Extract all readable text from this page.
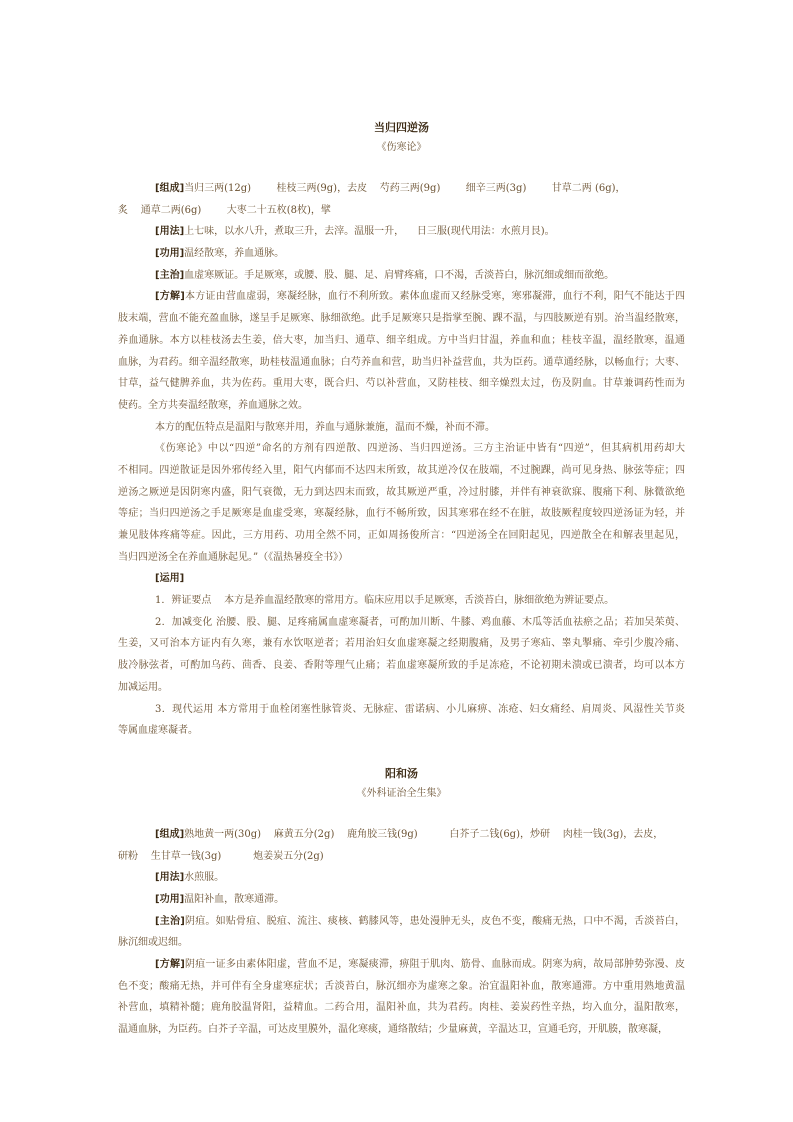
当归四逆汤
《伤寒论》
[组成]当归三两(12g)        桂枝三两(9g)，去皮    芍药三两(9g)        细辛三两(3g)        甘草二两 (6g)，
炙    通草二两(6g)        大枣二十五枚(8枚)，擘
[用法]上七味，以水八升，煮取三升，去滓。温服一升，    日三服(现代用法：水煎月艮)。
[功用]温经散寒，养血通脉。
[主治]血虚寒厥证。手足厥寒，或腰、股、腿、足、肩臂疼痛，口不渴，舌淡苔白，脉沉细或细而欲绝。
[方解]本方证由营血虚弱，寒凝经脉，血行不利所致。素体血虚而又经脉受寒，寒邪凝滞，血行不利，阳气不能达于四
肢末端，营血不能充盈血脉，遂呈手足厥寒、脉细欲绝。此手足厥寒只是指掌至腕、踝不温，与四肢厥逆有别。治当温经散寒，
养血通脉。本方以桂枝汤去生姜，倍大枣，加当归、通草、细辛组成。方中当归甘温，养血和血；桂枝辛温，温经散寒，温通
血脉，为君药。细辛温经散寒，助桂枝温通血脉；白芍养血和营，助当归补益营血，共为臣药。通草通经脉，以畅血行；大枣、
甘草，益气健脾养血，共为佐药。重用大枣，既合归、芍以补营血，又防桂枝、细辛燥烈太过，伤及阴血。甘草兼调药性而为
使药。全方共奏温经散寒，养血通脉之效。
本方的配伍特点是温阳与散寒并用，养血与通脉兼施，温而不燥，补而不滞。
《伤寒论》中以“四逆”命名的方剂有四逆散、四逆汤、当归四逆汤。三方主治证中皆有“四逆”，但其病机用药却大
不相同。四逆散证是因外邪传经入里，阳气内郁而不达四末所致，故其逆冷仅在肢端，不过腕踝，尚可见身热、脉弦等症；四
逆汤之厥逆是因阴寒内盛，阳气衰微，无力到达四末而致，故其厥逆严重，冷过肘膝，并伴有神衰欲寐、腹痛下利、脉微欲绝
等症；当归四逆汤之手足厥寒是血虚受寒，寒凝经脉，血行不畅所致，因其寒邪在经不在脏，故肢厥程度较四逆汤证为轻，并
兼见肢体疼痛等症。因此，三方用药、功用全然不同，正如周扬俊所言：“四逆汤全在回阳起见，四逆散全在和解表里起见，
当归四逆汤全在养血通脉起见。”（《温热暑疫全书》）
[运用]
1．辨证要点    本方是养血温经散寒的常用方。临床应用以手足厥寒，舌淡苔白，脉细欲绝为辨证要点。
2．加减变化 治腰、股、腿、足疼痛属血虚寒凝者，可酌加川断、牛膝、鸡血藤、木瓜等活血祛瘀之品；若加吴茱萸、
生姜，又可治本方证内有久寒，兼有水饮呕逆者；若用治妇女血虚寒凝之经期腹痛，及男子寒疝、睾丸掣痛、牵引少腹冷痛、
肢冷脉弦者，可酌加乌药、茴香、良姜、香附等理气止痛；若血虚寒凝所致的手足冻疮，不论初期未溃或已溃者，均可以本方
加减运用。
3．现代运用 本方常用于血栓闭塞性脉管炎、无脉症、雷诺病、小儿麻痹、冻疮、妇女痛经、肩周炎、风湿性关节炎
等属血虚寒凝者。
阳和汤
《外科证治全生集》
[组成]熟地黄一两(30g)    麻黄五分(2g)    鹿角胶三钱(9g)          白芥子二钱(6g)，炒研    肉桂一钱(3g)，去皮，
研粉    生甘草一钱(3g)          炮姜炭五分(2g)
[用法]水煎服。
[功用]温阳补血，散寒通滞。
[主治]阴疽。如贴骨疽、脱疽、流注、痰核、鹤膝风等，患处漫肿无头，皮色不变，酸痛无热，口中不渴，舌淡苔白，
脉沉细或迟细。
[方解]阴疽一证多由素体阳虚，营血不足，寒凝痰滞，痹阻于肌肉、筋骨、血脉而成。阴寒为病，故局部肿势弥漫、皮
色不变；酸痛无热，并可伴有全身虚寒症状；舌淡苔白，脉沉细亦为虚寒之象。治宜温阳补血，散寒通滞。方中重用熟地黄温
补营血，填精补髓；鹿角胶温肾阳，益精血。二药合用，温阳补血，共为君药。肉桂、姜炭药性辛热，均入血分，温阳散寒，
温通血脉，为臣药。白芥子辛温，可达皮里膜外，温化寒痰，通络散结；少量麻黄，辛温达卫，宣通毛窍，开肌腠，散寒凝，
